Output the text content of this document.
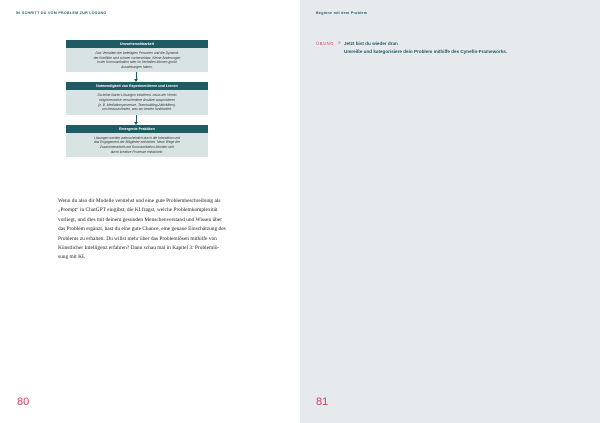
50 SCHRITT DU VOM PROBLEM ZUR LÖSUNG	Beginne mit dem Problem
Unvorhersehbarkeit
Das Verhalten der beteiligten Personen und die Dynamik
der Konflikte sind schwer vorhersehbar. Kleine Änderungen
in der Kommunikation oder im Verhalten können große
Auswirkungen haben.
Notwendigkeit von Experimentieren und Lernen
Da keine klaren Lösungen existieren, muss der Verein
möglicherweise verschiedene Ansätze ausprobieren
(z. B. Mediationsprozesse, Teambuilding-Aktivitäten),
um herauszufinden, was am besten funktioniert.
Emergente Praktiken
Lösungen werden wahrscheinlich durch die Interaktion und
das Engagement der Mitglieder entstehen. Neue Wege der
Zusammenarbeit und Kommunikation könnten sich
durch kreative Prozesse entwickeln.
Wenn du also dir Modelle verstehst und eine gute Problembeschreibung als
„Prompt“ in ChatGPT eingibst, die KI fragst, welche Problemkomplexität
vorliegt, und dies mit deinem gesunden Menschenverstand und Wissen über
das Problem ergänzt, hast du eine gute Chance, eine genaue Einschätzung des
Problems zu erhalten. Du willst mehr über das Problemlösen mithilfe von
Künstlicher Intelligenz erfahren? Dann schau mal in Kapitel 3: Problemlö-
sung mit KI.
80	81
ÜBUNG » Jetzt bist du wieder dran
Umreiße und kategorisiere dein Problem mithilfe des Cynefin-Frameworks.
